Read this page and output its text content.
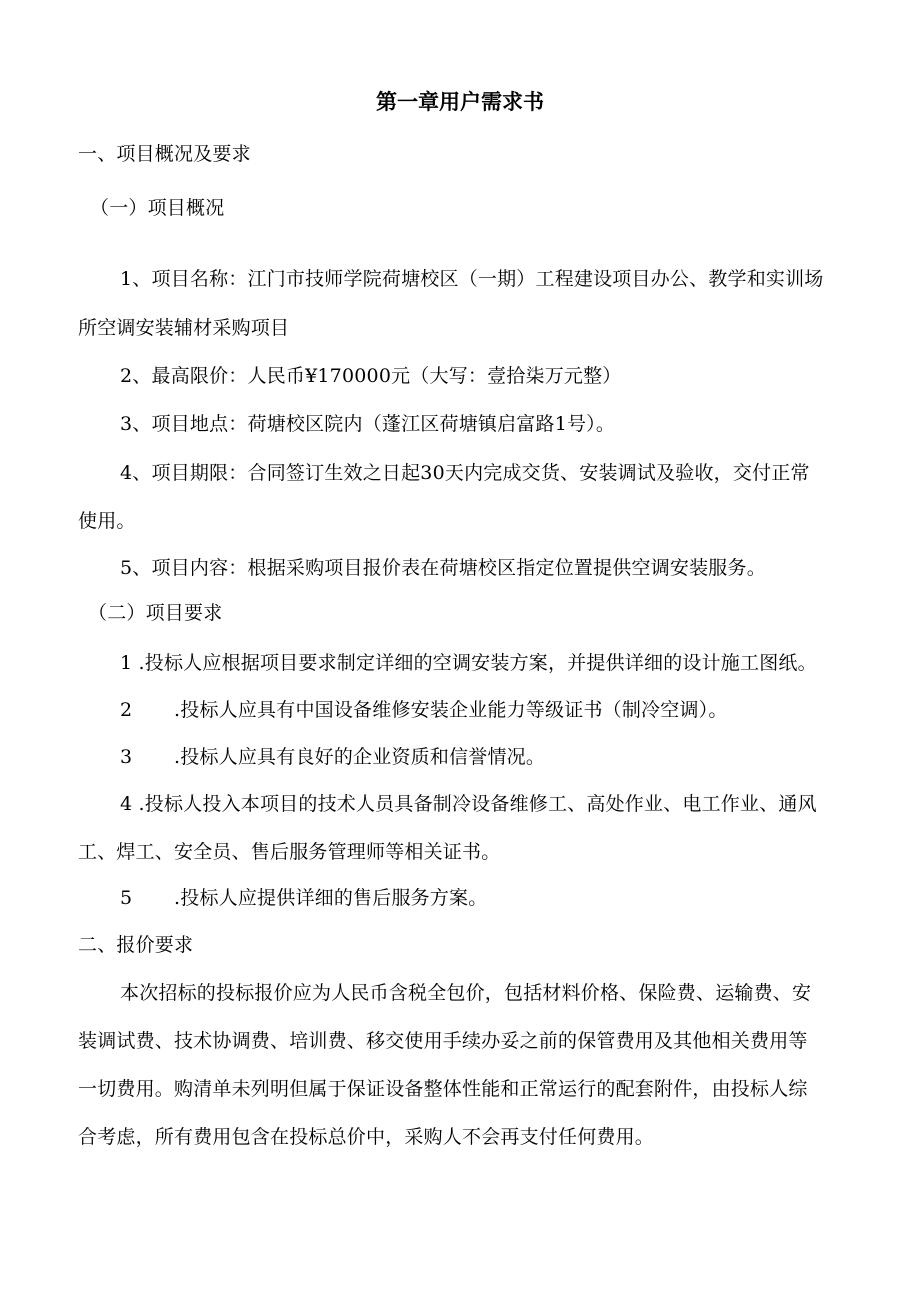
第一章用户需求书

一、项目概况及要求

（一）项目概况

1、项目名称：江门市技师学院荷塘校区（一期）工程建设项目办公、教学和实训场

所空调安装辅材采购项目

2、最高限价：人民币¥170000元（大写：壹拾柒万元整）

3、项目地点：荷塘校区院内（蓬江区荷塘镇启富路1号）。

4、项目期限：合同签订生效之日起30天内完成交货、安装调试及验收，交付正常

使用。

5、项目内容：根据采购项目报价表在荷塘校区指定位置提供空调安装服务。

（二）项目要求

1 .投标人应根据项目要求制定详细的空调安装方案，并提供详细的设计施工图纸。

2 .投标人应具有中国设备维修安装企业能力等级证书（制冷空调）。

3 .投标人应具有良好的企业资质和信誉情况。

4 .投标人投入本项目的技术人员具备制冷设备维修工、高处作业、电工作业、通风

工、焊工、安全员、售后服务管理师等相关证书。

5 .投标人应提供详细的售后服务方案。

二、报价要求

本次招标的投标报价应为人民币含税全包价，包括材料价格、保险费、运输费、安

装调试费、技术协调费、培训费、移交使用手续办妥之前的保管费用及其他相关费用等

一切费用。购清单未列明但属于保证设备整体性能和正常运行的配套附件，由投标人综

合考虑，所有费用包含在投标总价中，采购人不会再支付任何费用。
